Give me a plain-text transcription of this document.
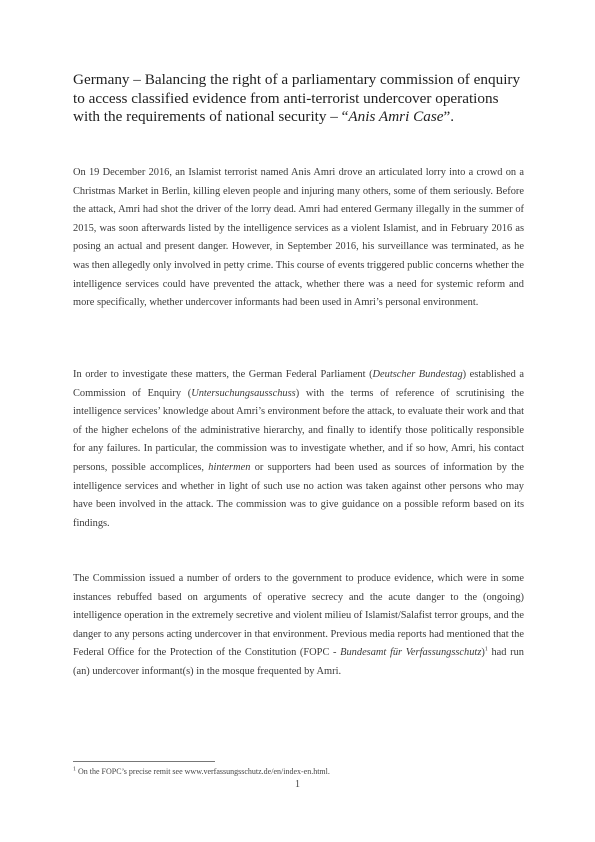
Germany – Balancing the right of a parliamentary commission of enquiry to access classified evidence from anti-terrorist undercover operations with the requirements of national security – “Anis Amri Case”.

On 19 December 2016, an Islamist terrorist named Anis Amri drove an articulated lorry into a crowd on a Christmas Market in Berlin, killing eleven people and injuring many others, some of them seriously. Before the attack, Amri had shot the driver of the lorry dead. Amri had entered Germany illegally in the summer of 2015, was soon afterwards listed by the intelligence services as a violent Islamist, and in February 2016 as posing an actual and present danger. However, in September 2016, his surveillance was terminated, as he was then allegedly only involved in petty crime. This course of events triggered public concerns whether the intelligence services could have prevented the attack, whether there was a need for systemic reform and more specifically, whether undercover informants had been used in Amri’s personal environment.

In order to investigate these matters, the German Federal Parliament (Deutscher Bundestag) established a Commission of Enquiry (Untersuchungsausschuss) with the terms of reference of scrutinising the intelligence services’ knowledge about Amri’s environment before the attack, to evaluate their work and that of the higher echelons of the administrative hierarchy, and finally to identify those politically responsible for any failures. In particular, the commission was to investigate whether, and if so how, Amri, his contact persons, possible accomplices, hintermen or supporters had been used as sources of information by the intelligence services and whether in light of such use no action was taken against other persons who may have been involved in the attack. The commission was to give guidance on a possible reform based on its findings.

The Commission issued a number of orders to the government to produce evidence, which were in some instances rebuffed based on arguments of operative secrecy and the acute danger to the (ongoing) intelligence operation in the extremely secretive and violent milieu of Islamist/Salafist terror groups, and the danger to any persons acting undercover in that environment. Previous media reports had mentioned that the Federal Office for the Protection of the Constitution (FOPC - Bundesamt für Verfassungsschutz)$^1$ had run (an) undercover informant(s) in the mosque frequented by Amri.

$^1$ On the FOPC’s precise remit see www.verfassungsschutz.de/en/index-en.html.

1
